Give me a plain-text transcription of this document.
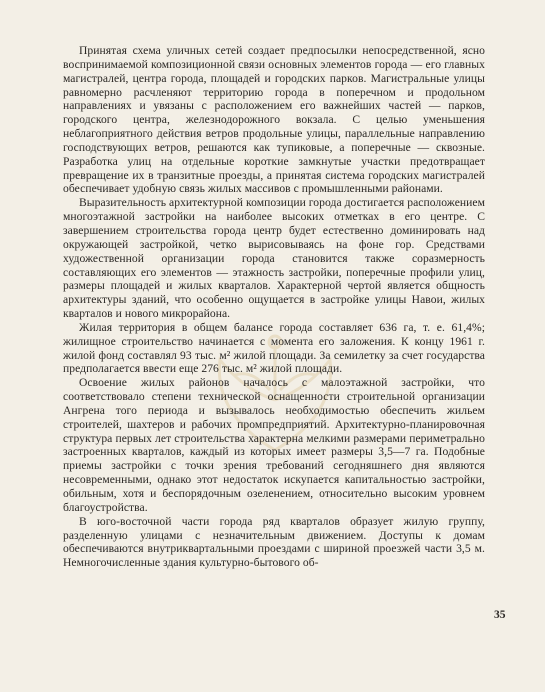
Принятая схема уличных сетей создает предпосылки непосредственной, ясно воспринимаемой композиционной связи основных элементов города — его главных магистралей, центра города, площадей и городских парков. Магистральные улицы равномерно расчленяют территорию города в поперечном и продольном направлениях и увязаны с расположением его важнейших частей — парков, городского центра, железнодорожного вокзала. С целью уменьшения неблагоприятного действия ветров продольные улицы, параллельные направлению господствующих ветров, решаются как тупиковые, а поперечные — сквозные. Разработка улиц на отдельные короткие замкнутые участки предотвращает превращение их в транзитные проезды, а принятая система городских магистралей обеспечивает удобную связь жилых массивов с промышленными районами.

Выразительность архитектурной композиции города достигается расположением многоэтажной застройки на наиболее высоких отметках в его центре. С завершением строительства города центр будет естественно доминировать над окружающей застройкой, четко вырисовываясь на фоне гор. Средствами художественной организации города становится также соразмерность составляющих его элементов — этажность застройки, поперечные профили улиц, размеры площадей и жилых кварталов. Характерной чертой является общность архитектуры зданий, что особенно ощущается в застройке улицы Навои, жилых кварталов и нового микрорайона.

Жилая территория в общем балансе города составляет 636 га, т. е. 61,4%; жилищное строительство начинается с момента его заложения. К концу 1961 г. жилой фонд составлял 93 тыс. м² жилой площади. За семилетку за счет государства предполагается ввести еще 276 тыс. м² жилой площади.

Освоение жилых районов началось с малоэтажной застройки, что соответствовало степени технической оснащенности строительной организации Ангрена того периода и вызывалось необходимостью обеспечить жильем строителей, шахтеров и рабочих промпредприятий. Архитектурно-планировочная структура первых лет строительства характерна мелкими размерами периметрально застроенных кварталов, каждый из которых имеет размеры 3,5—7 га. Подобные приемы застройки с точки зрения требований сегодняшнего дня являются несовременными, однако этот недостаток искупается капитальностью застройки, обильным, хотя и беспорядочным озеленением, относительно высоким уровнем благоустройства.

В юго-восточной части города ряд кварталов образует жилую группу, разделенную улицами с незначительным движением. Доступы к домам обеспечиваются внутриквартальными проездами с шириной проезжей части 3,5 м. Немногочисленные здания культурно-бытового об-

35
